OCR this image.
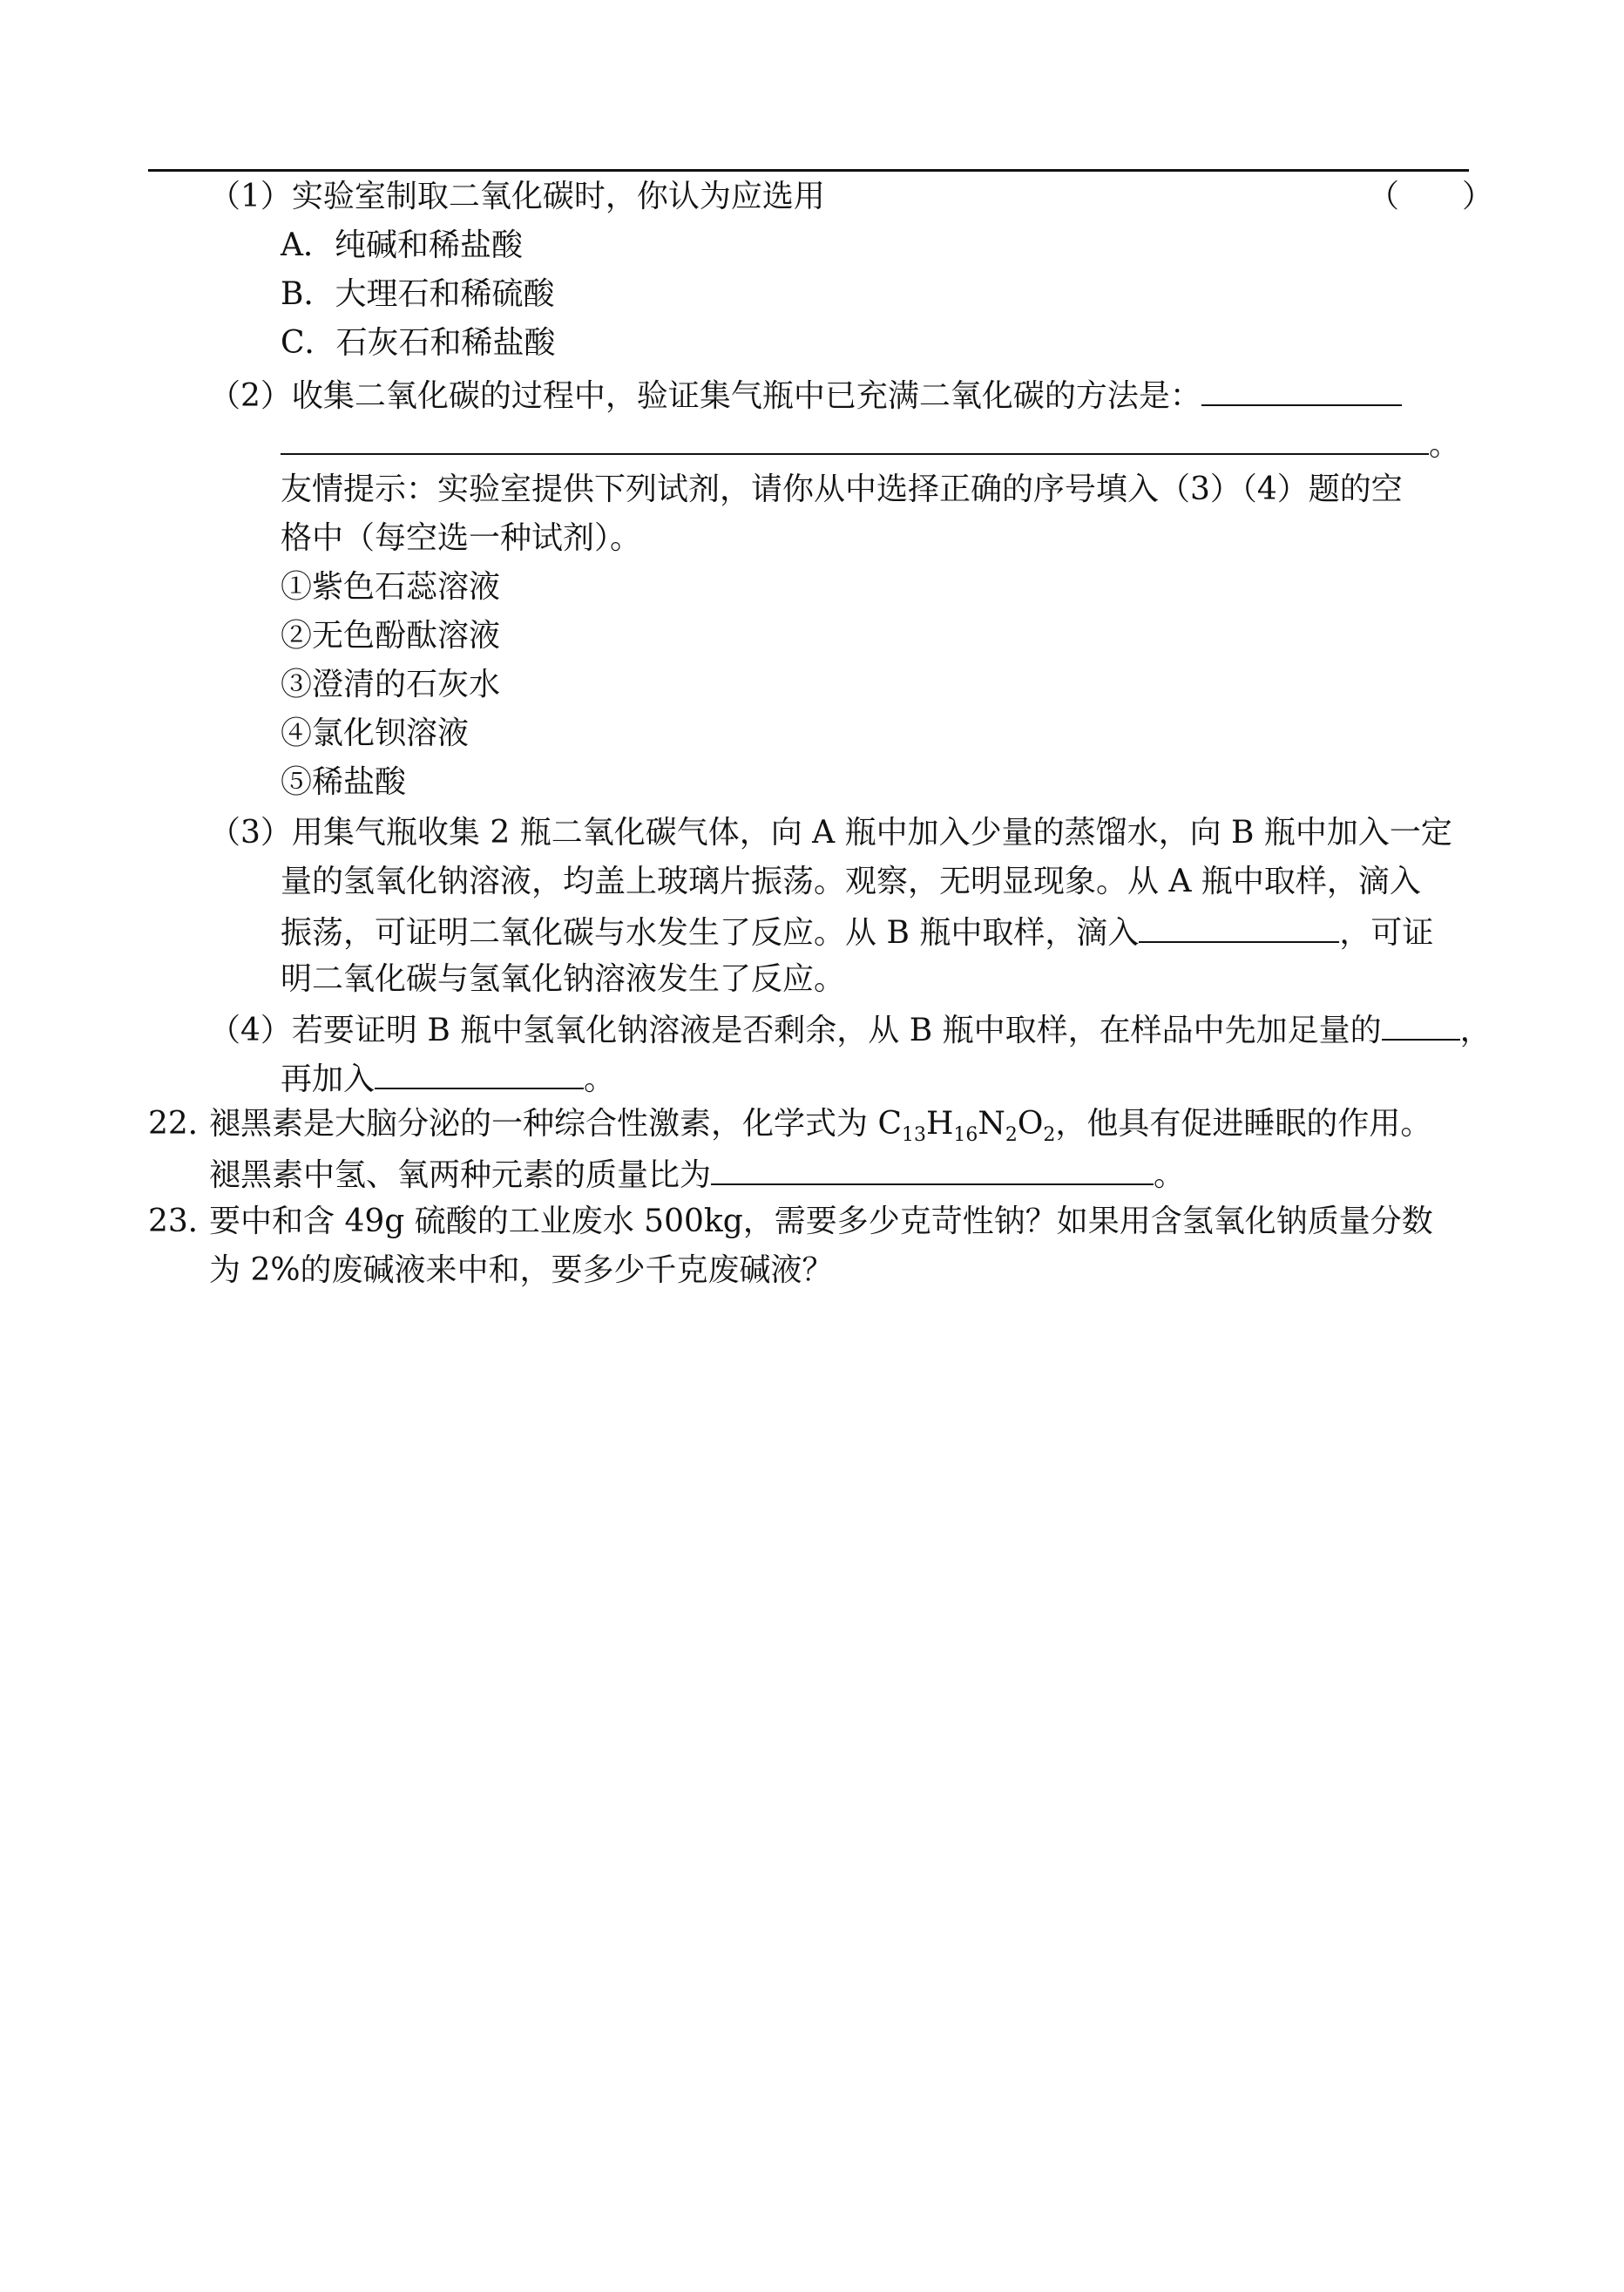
（1）实验室制取二氧化碳时，你认为应选用	（　　）
A．纯碱和稀盐酸
B．大理石和稀硫酸
C．石灰石和稀盐酸
（2）收集二氧化碳的过程中，验证集气瓶中已充满二氧化碳的方法是：
。
友情提示：实验室提供下列试剂，请你从中选择正确的序号填入（3）（4）题的空
格中（每空选一种试剂）。
①紫色石蕊溶液
②无色酚酞溶液
③澄清的石灰水
④氯化钡溶液
⑤稀盐酸
（3）用集气瓶收集 2 瓶二氧化碳气体，向 A 瓶中加入少量的蒸馏水，向 B 瓶中加入一定
量的氢氧化钠溶液，均盖上玻璃片振荡。观察，无明显现象。从 A 瓶中取样，滴入
振荡，可证明二氧化碳与水发生了反应。从 B 瓶中取样，滴入	，可证
明二氧化碳与氢氧化钠溶液发生了反应。
（4）若要证明 B 瓶中氢氧化钠溶液是否剩余，从 B 瓶中取样，在样品中先加足量的	，
再加入	。
22．褪黑素是大脑分泌的一种综合性激素，化学式为 $C_{13}H_{16}N_2O_2$，他具有促进睡眠的作用。
褪黑素中氢、氧两种元素的质量比为	。
23．要中和含 49g 硫酸的工业废水 500kg，需要多少克苛性钠？如果用含氢氧化钠质量分数
为 2%的废碱液来中和，要多少千克废碱液？
